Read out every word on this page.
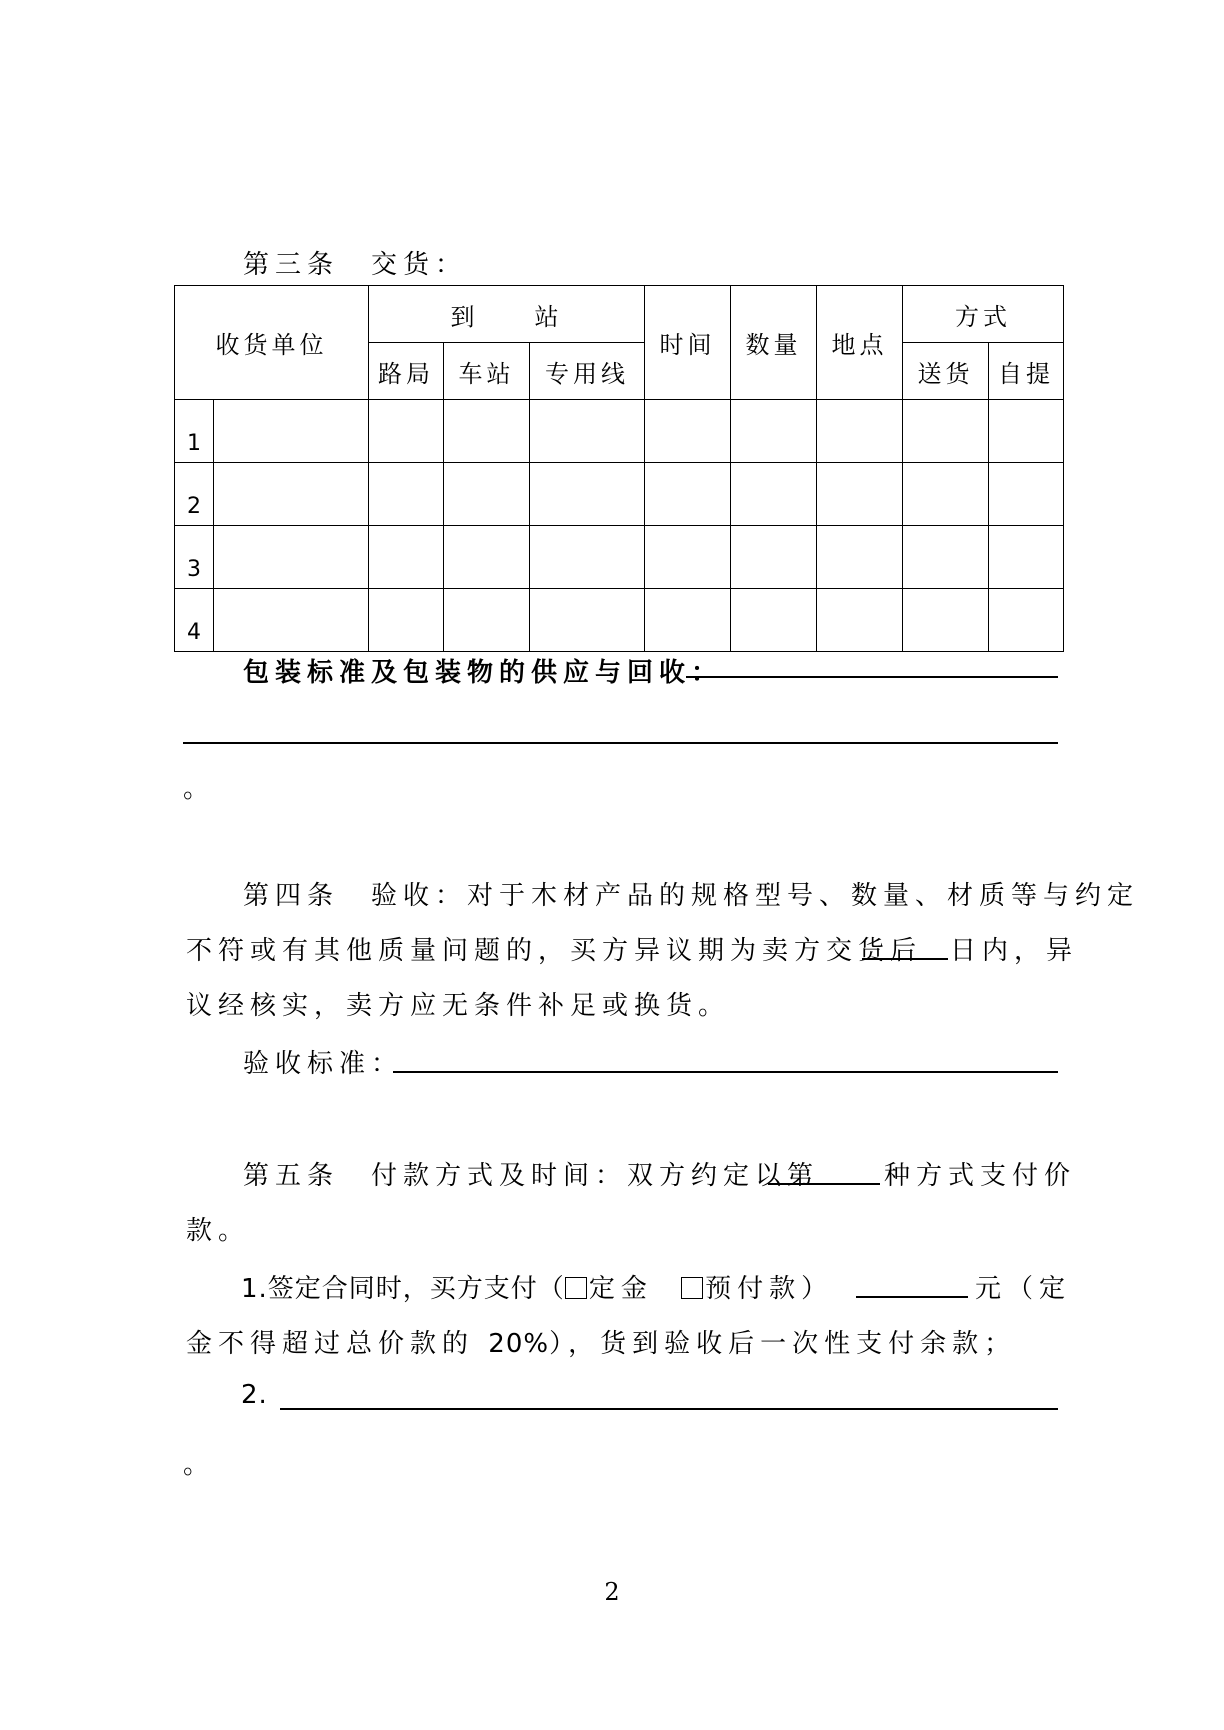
第三条　交货：
收货单位		到　　站			时间	数量	地点	方式	
		路局	车站	专用线				送货	自提
1									
2									
3									
4									
包装标准及包装物的供应与回收：
。
第四条　验收：对于木材产品的规格型号、数量、材质等与约定
不符或有其他质量问题的，买方异议期为卖方交货后 日内，异
议经核实，卖方应无条件补足或换货。
验收标准：
第五条　付款方式及时间：双方约定以第 种方式支付价
款。
1.签定合同时，买方支付（ 定金 预付款）	元（定
金不得超过总价款的 20%），货到验收后一次性支付余款；
2.
。
2
